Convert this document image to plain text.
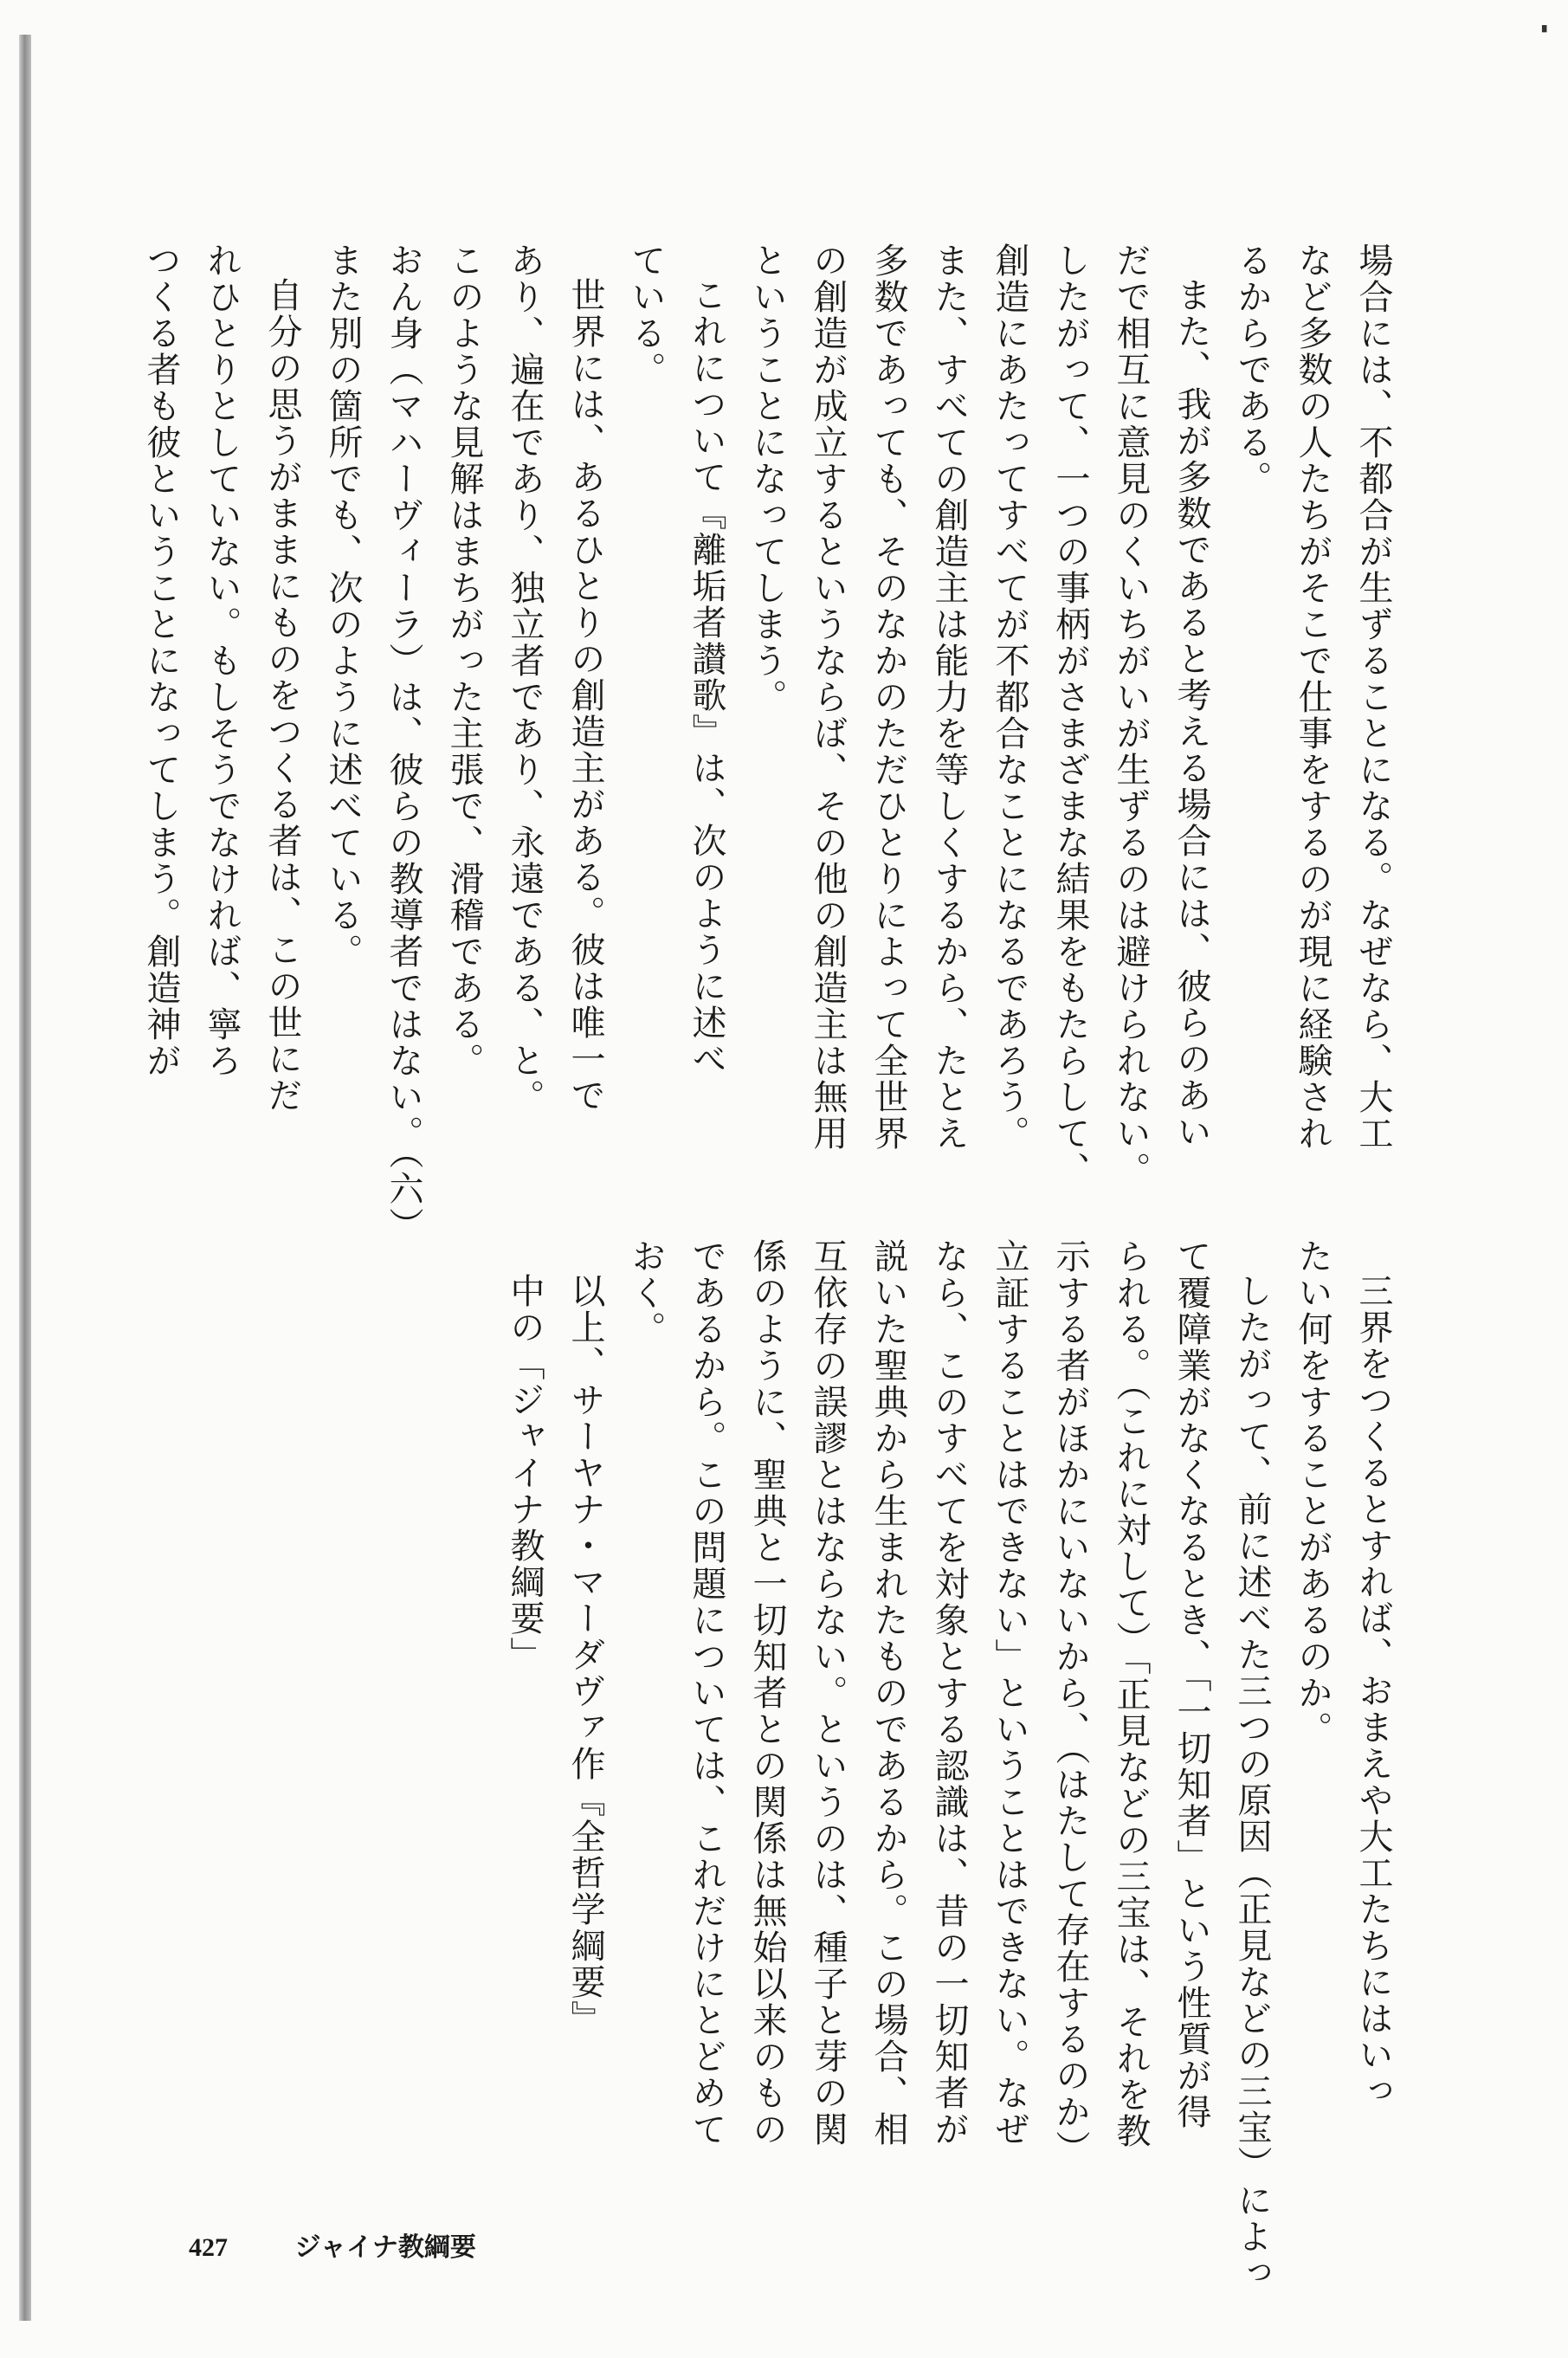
▘
場合には、不都合が生ずることになる。なぜなら、大工
など多数の人たちがそこで仕事をするのが現に経験され
るからである。
また、我が多数であると考える場合には、彼らのあい
だで相互に意見のくいちがいが生ずるのは避けられない。
したがって、一つの事柄がさまざまな結果をもたらして、
創造にあたってすべてが不都合なことになるであろう。
また、すべての創造主は能力を等しくするから、たとえ
多数であっても、そのなかのただひとりによって全世界
の創造が成立するというならば、その他の創造主は無用
ということになってしまう。
これについて『離垢者讃歌』は、次のように述べ
ている。
世界には、あるひとりの創造主がある。彼は唯一で
あり、遍在であり、独立者であり、永遠である、と。
このような見解はまちがった主張で、滑稽である。
おん身（マハーヴィーラ）は、彼らの教導者ではない。（六）
また別の箇所でも、次のように述べている。
自分の思うがままにものをつくる者は、この世にだ
れひとりとしていない。もしそうでなければ、寧ろ
つくる者も彼ということになってしまう。創造神が
三界をつくるとすれば、おまえや大工たちにはいっ
たい何をすることがあるのか。
したがって、前に述べた三つの原因（正見などの三宝）によっ
て覆障業がなくなるとき、「一切知者」という性質が得
られる。（これに対して）「正見などの三宝は、それを教
示する者がほかにいないから、（はたして存在するのか）
立証することはできない」ということはできない。なぜ
なら、このすべてを対象とする認識は、昔の一切知者が
説いた聖典から生まれたものであるから。この場合、相
互依存の誤謬とはならない。というのは、種子と芽の関
係のように、聖典と一切知者との関係は無始以来のもの
であるから。この問題については、これだけにとどめて
おく。
以上、サーヤナ・マーダヴァ作『全哲学綱要』
中の「ジャイナ教綱要」
427	ジャイナ教綱要
